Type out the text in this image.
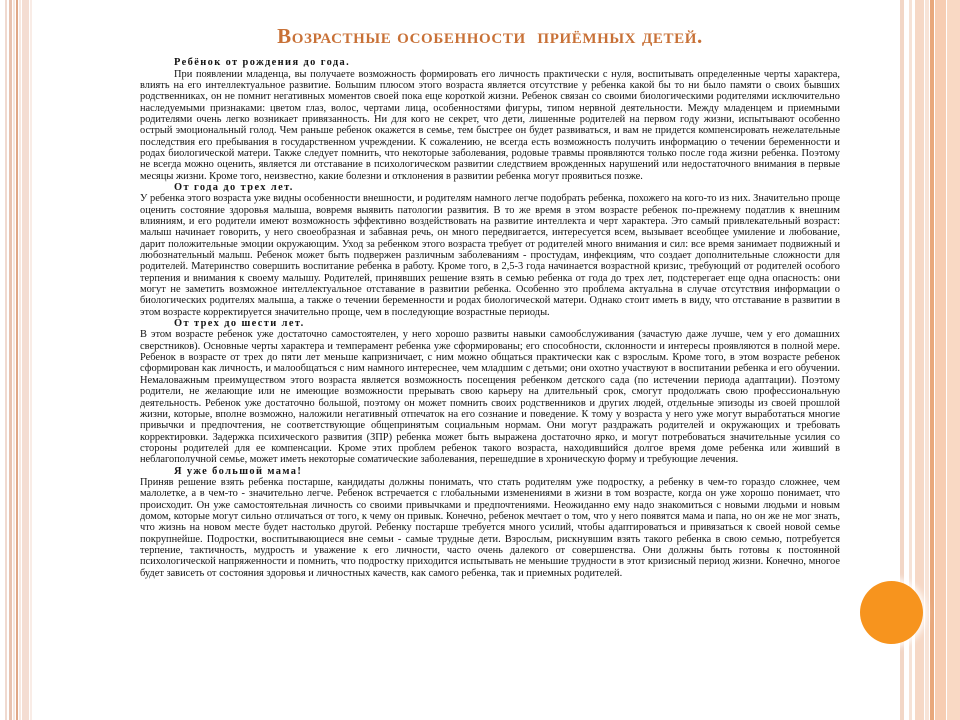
Возрастные особенности  приёмных детей.

Ребёнок от рождения до года.

При появлении младенца, вы получаете возможность формировать его личность практически с нуля, воспитывать определенные черты характера, влиять на его интеллектуальное развитие. Большим плюсом этого возраста является отсутствие у ребенка какой бы то ни было памяти о своих бывших родственниках, он не помнит негативных моментов своей пока еще короткой жизни. Ребенок связан со своими биологическими родителями исключительно наследуемыми признаками: цветом глаз, волос, чертами лица, особенностями фигуры, типом нервной деятельности. Между младенцем и приемными родителями очень легко возникает привязанность. Ни для кого не секрет, что дети, лишенные родителей на первом году жизни, испытывают особенно острый эмоциональный голод. Чем раньше ребенок окажется в семье, тем быстрее он будет развиваться, и вам не придется компенсировать нежелательные последствия его пребывания в государственном учреждении. К сожалению, не всегда есть возможность получить информацию о течении беременности и родах биологической матери. Также следует помнить, что некоторые заболевания, родовые травмы проявляются только после года жизни ребенка. Поэтому не всегда можно оценить, является ли отставание в психологическом развитии следствием врожденных нарушений или недостаточного внимания в первые месяцы жизни. Кроме того, неизвестно, какие болезни и отклонения в развитии ребенка могут проявиться позже.

От года до трех лет.

У ребенка этого возраста уже видны особенности внешности, и родителям намного легче подобрать ребенка, похожего на кого-то из них. Значительно проще оценить состояние здоровья малыша, вовремя выявить патологии развития. В то же время в этом возрасте ребенок по-прежнему податлив к внешним влияниям, и его родители имеют возможность эффективно воздействовать на развитие интеллекта и черт характера. Это самый привлекательный возраст: малыш начинает говорить, у него своеобразная и забавная речь, он много передвигается, интересуется всем, вызывает всеобщее умиление и любование, дарит положительные эмоции окружающим. Уход за ребенком этого возраста требует от родителей много внимания и сил: все время занимает подвижный и любознательный малыш. Ребенок может быть подвержен различным заболеваниям - простудам, инфекциям, что создает дополнительные сложности для родителей. Материнство совершить воспитание ребенка в работу. Кроме того, в 2,5-3 года начинается возрастной кризис, требующий от родителей особого терпения и внимания к своему малышу. Родителей, принявших решение взять в семью ребенка от года до трех лет, подстерегает еще одна опасность: они могут не заметить возможное интеллектуальное отставание в развитии ребенка. Особенно это проблема актуальна в случае отсутствия информации о биологических родителях малыша, а также о течении беременности и родах биологической матери. Однако стоит иметь в виду, что отставание в развитии в этом возрасте корректируется значительно проще, чем в последующие возрастные периоды.

От трех до шести лет.

В этом возрасте ребенок уже достаточно самостоятелен, у него хорошо развиты навыки самообслуживания (зачастую даже лучше, чем у его домашних сверстников). Основные черты характера и темперамент ребенка уже сформированы; его способности, склонности и интересы проявляются в полной мере. Ребенок в возрасте от трех до пяти лет меньше капризничает, с ним можно общаться практически как с взрослым. Кроме того, в этом возрасте ребенок сформирован как личность, и малообщаться с ним намного интереснее, чем младшим с детьми; они охотно участвуют в воспитании ребенка и его обучении. Немаловажным преимуществом этого возраста является возможность посещения ребенком детского сада (по истечении периода адаптации). Поэтому родители, не желающие или не имеющие возможности прерывать свою карьеру на длительный срок, смогут продолжать свою профессиональную деятельность. Ребенок уже достаточно большой, поэтому он может помнить своих родственников и других людей, отдельные эпизоды из своей прошлой жизни, которые, вполне возможно, наложили негативный отпечаток на его сознание и поведение. К тому у возраста у него уже могут выработаться многие привычки и предпочтения, не соответствующие общепринятым социальным нормам. Они могут раздражать родителей и окружающих и требовать корректировки. Задержка психического развития (ЗПР) ребенка может быть выражена достаточно ярко, и могут потребоваться значительные усилия со стороны родителей для ее компенсации. Кроме этих проблем ребенок такого возраста, находившийся долгое время доме ребенка или живший в неблагополучной семье, может иметь некоторые соматические заболевания, перешедшие в хроническую форму и требующие лечения.

Я уже большой мама!

Приняв решение взять ребенка постарше, кандидаты должны понимать, что стать родителям уже подростку, а ребенку в чем-то гораздо сложнее, чем малолетке, а в чем-то - значительно легче. Ребенок встречается с глобальными изменениями в жизни в том возрасте, когда он уже хорошо понимает, что происходит. Он уже самостоятельная личность со своими привычками и предпочтениями. Неожиданно ему надо знакомиться с новыми людьми и новым домом, которые могут сильно отличаться от того, к чему он привык. Конечно, ребенок мечтает о том, что у него появятся мама и папа, но он же не мог знать, что жизнь на новом месте будет настолько другой. Ребенку постарше требуется много усилий, чтобы адаптироваться и привязаться к своей новой семье покрупнейше. Подростки, воспитывающиеся вне семьи - самые трудные дети. Взрослым, рискнувшим взять такого ребенка в свою семью, потребуется терпение, тактичность, мудрость и уважение к его личности, часто очень далекого от совершенства. Они должны быть готовы к постоянной психологической напряженности и помнить, что подростку приходится испытывать не меньшие трудности в этот кризисный период жизни. Конечно, многое будет зависеть от состояния здоровья и личностных качеств, как самого ребенка, так и приемных родителей.
